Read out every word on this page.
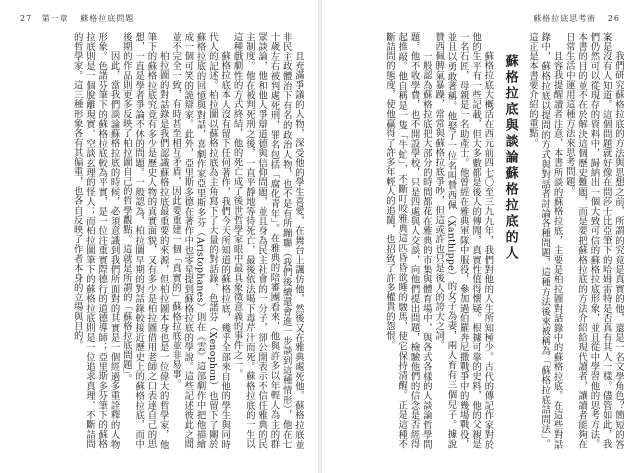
27 第一章 蘇格拉底問題

且充滿爭議的人物，深受他的學生喜愛，在舞台上諷仿他，然後又在雅典處死他。蘇格拉底並非民主政體治下有名的政治人物，也不是有所蹦聯（我們後續還會進一步談到這種情形），他在七十歲左右被判處死刑，罪名包括「腐化青年」。在雅典的陪審團看來，他與許多以年輕人為主的群眾談論，他和他人爭辯道德與信仰問題，並且身為民主社會的一分子，卻公開表示不信任雅典的民主制度。他在被判死刑之後，一直平靜地等待死亡，最後依法喝下毒芹汁而死。蘇格拉底的一生以這種戲劇性的方式終結，他的死亡成了後世哲學家眼中最具象徵意義的事件之一。

蘇格拉底本人沒有留下任何著作，我們今天所知道的蘇格拉底，幾乎全部來自他的學生與同時代人的記述。柏拉圖以蘇格拉底為主角寫下了大量的對話錄，色諾芬（Xenophon）也留下了關於蘇格拉底的回憶與對話，喜劇作家亞里斯多芬（Aristophanes）則在《雲》這部劇作中把他描繪成一個可笑的詭辯家。此外，亞里斯多德在著作中也零星提到蘇格拉底的學說。這些記述彼此之間並不完全一致，有時甚至相互矛盾，因此要重建一個「真實的」蘇格拉底並非易事。

柏拉圖的對話錄是我們認識蘇格拉底最重要的來源，但柏拉圖本身也是一位偉大的哲學家，他筆下的蘇格拉底究竟有多少是歷史人物的真實面貌，又有多少是柏拉圖借用老師之口表達自己的思想，一直是學者爭論不休的問題。一般認為，柏拉圖早期的對話錄較接近歷史上的蘇格拉底，而中後期的作品則更多反映了柏拉圖自己的哲學觀點。這就是所謂的「蘇格拉底問題」。

因此，當我們談論蘇格拉底的時候，必須意識到我們所面對的其實是一個經過多重詮釋的人物形象。色諾芬筆下的蘇格拉底較為平實，是一位注重實際德行的道德導師；亞里斯多芬筆下的蘇格拉底則是一個脫離現實、空談玄理的怪人；而柏拉圖筆下的蘇格拉底則是一位追求真理、不斷詰問的哲學家。這三種形象各有其偏重，也各自反映了作者本身的立場與目的。

蘇格拉底思考術 26

我們研究蘇格拉底的方法與思想之前，所謂的究竟是真實的他，還是一名文學角色？簡短的答案是沒有人知道。這個問題就好像在問莎士比亞筆下的哈姆雷特是否真有其人一樣。儘管如此，我們仍然可以從現存的資料中，歸納出一個大致可信的蘇格拉底形象，並且從中學習他的思考方法。本書的目的並不在於解決這個歷史難題，而是要把蘇格拉底的方法介紹給現代讀者，讓讀者能夠在日常生活中運用這種方法來思考問題。

且容我提醒讀者注意，本書所談的蘇格拉底，主要是柏拉圖對話錄中的蘇格拉底。在這些對話錄中，蘇格拉底以提問的方式與對話者討論各種問題，這種方法後來被稱為「蘇格拉底詰問法」。這正是本書要介紹的重點。

蘇格拉底與談論蘇格拉底的人

蘇格拉底大概活在西元前四七〇至三九九年，我們對他的人生所知極少。古代的傳記作家對於他的生平有一些記載，但大多數都是後人的傳聞，真實性值得懷疑。根據可靠的史料，他的父親是一名石匠，母親是一名助產士。他曾經在雅典軍隊中服役，參加過伯羅奔尼撒戰爭中的幾場戰役，並且以勇敢著稱。他娶了一位名叫贊西佩（Xanthippe）的女子為妻，兩人育有三個兒子。據說贊西佩脾氣暴躁，常常與蘇格拉底爭吵，但這或許也只是後人的誇大之詞。

一般認為蘇格拉底把大部分的時間都花在雅典的市集與體育場中，與各式各樣的人談論哲學問題。他不收學費，也不開設學校，只是四處與人交談，向他們提出問題，檢驗他們的信念是否經得起推敲。他自稱是一隻「牛虻」，不斷叮咬雅典這匹昏昏欲睡的駿馬，使它保持清醒。正是這種不斷詰問的態度，使他贏得了許多年輕人的追隨，也招致了許多權貴的怨恨。
